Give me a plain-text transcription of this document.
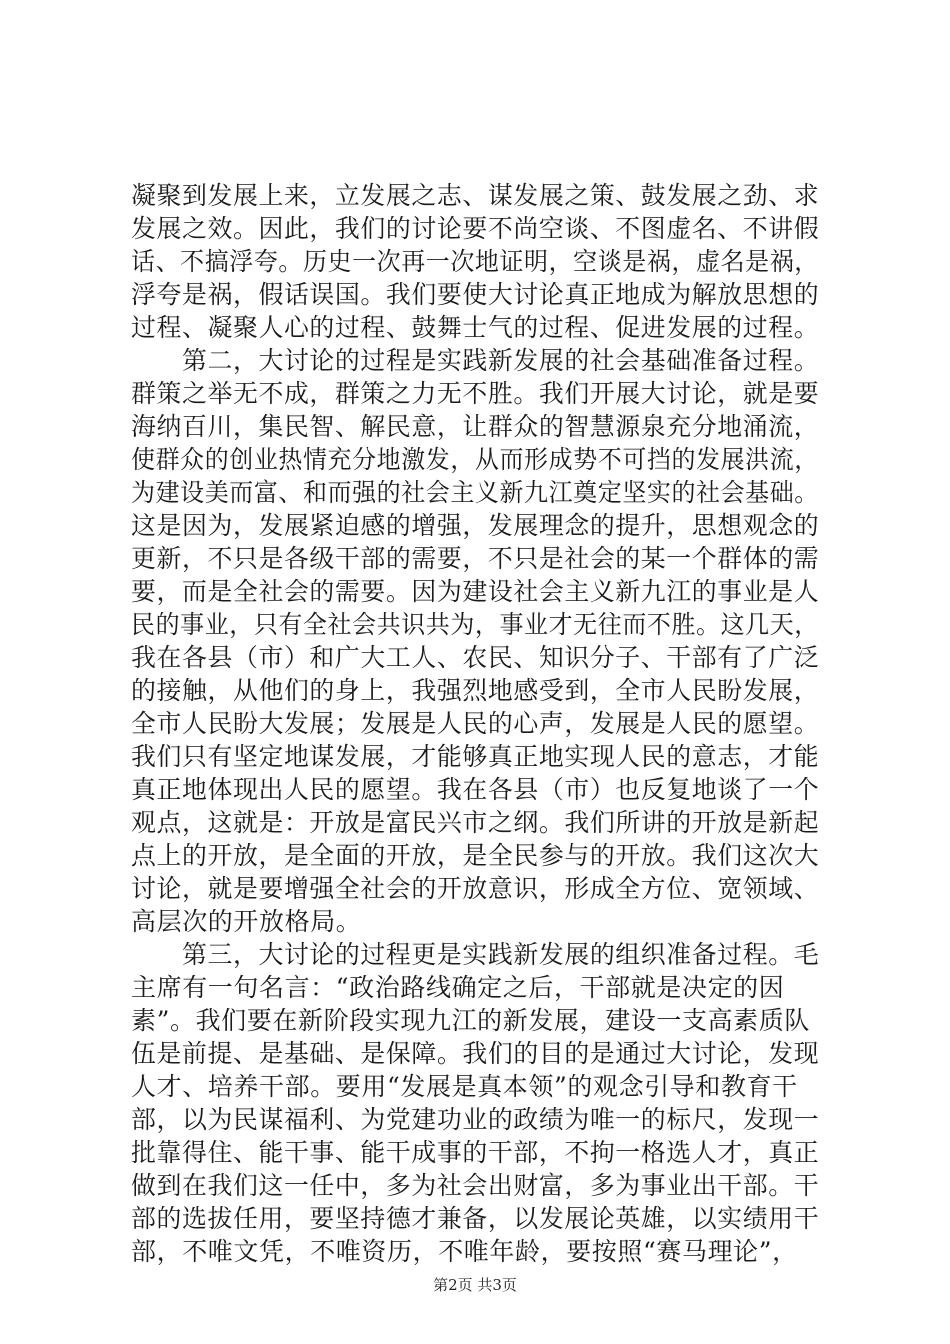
凝聚到发展上来，立发展之志、谋发展之策、鼓发展之劲、求
发展之效。因此，我们的讨论要不尚空谈、不图虚名、不讲假
话、不搞浮夸。历史一次再一次地证明，空谈是祸，虚名是祸，
浮夸是祸，假话误国。我们要使大讨论真正地成为解放思想的
过程、凝聚人心的过程、鼓舞士气的过程、促进发展的过程。
　　第二，大讨论的过程是实践新发展的社会基础准备过程。
群策之举无不成，群策之力无不胜。我们开展大讨论，就是要
海纳百川，集民智、解民意，让群众的智慧源泉充分地涌流，
使群众的创业热情充分地激发，从而形成势不可挡的发展洪流，
为建设美而富、和而强的社会主义新九江奠定坚实的社会基础。
这是因为，发展紧迫感的增强，发展理念的提升，思想观念的
更新，不只是各级干部的需要，不只是社会的某一个群体的需
要，而是全社会的需要。因为建设社会主义新九江的事业是人
民的事业，只有全社会共识共为，事业才无往而不胜。这几天，
我在各县（市）和广大工人、农民、知识分子、干部有了广泛
的接触，从他们的身上，我强烈地感受到，全市人民盼发展，
全市人民盼大发展；发展是人民的心声，发展是人民的愿望。
我们只有坚定地谋发展，才能够真正地实现人民的意志，才能
真正地体现出人民的愿望。我在各县（市）也反复地谈了一个
观点，这就是：开放是富民兴市之纲。我们所讲的开放是新起
点上的开放，是全面的开放，是全民参与的开放。我们这次大
讨论，就是要增强全社会的开放意识，形成全方位、宽领域、
高层次的开放格局。
　　第三，大讨论的过程更是实践新发展的组织准备过程。毛
主席有一句名言：“政治路线确定之后，干部就是决定的因
素”。我们要在新阶段实现九江的新发展，建设一支高素质队
伍是前提、是基础、是保障。我们的目的是通过大讨论，发现
人才、培养干部。要用“发展是真本领”的观念引导和教育干
部，以为民谋福利、为党建功业的政绩为唯一的标尺，发现一
批靠得住、能干事、能干成事的干部，不拘一格选人才，真正
做到在我们这一任中，多为社会出财富，多为事业出干部。干
部的选拔任用，要坚持德才兼备，以发展论英雄，以实绩用干
部，不唯文凭，不唯资历，不唯年龄，要按照“赛马理论”，
第2页 共3页
